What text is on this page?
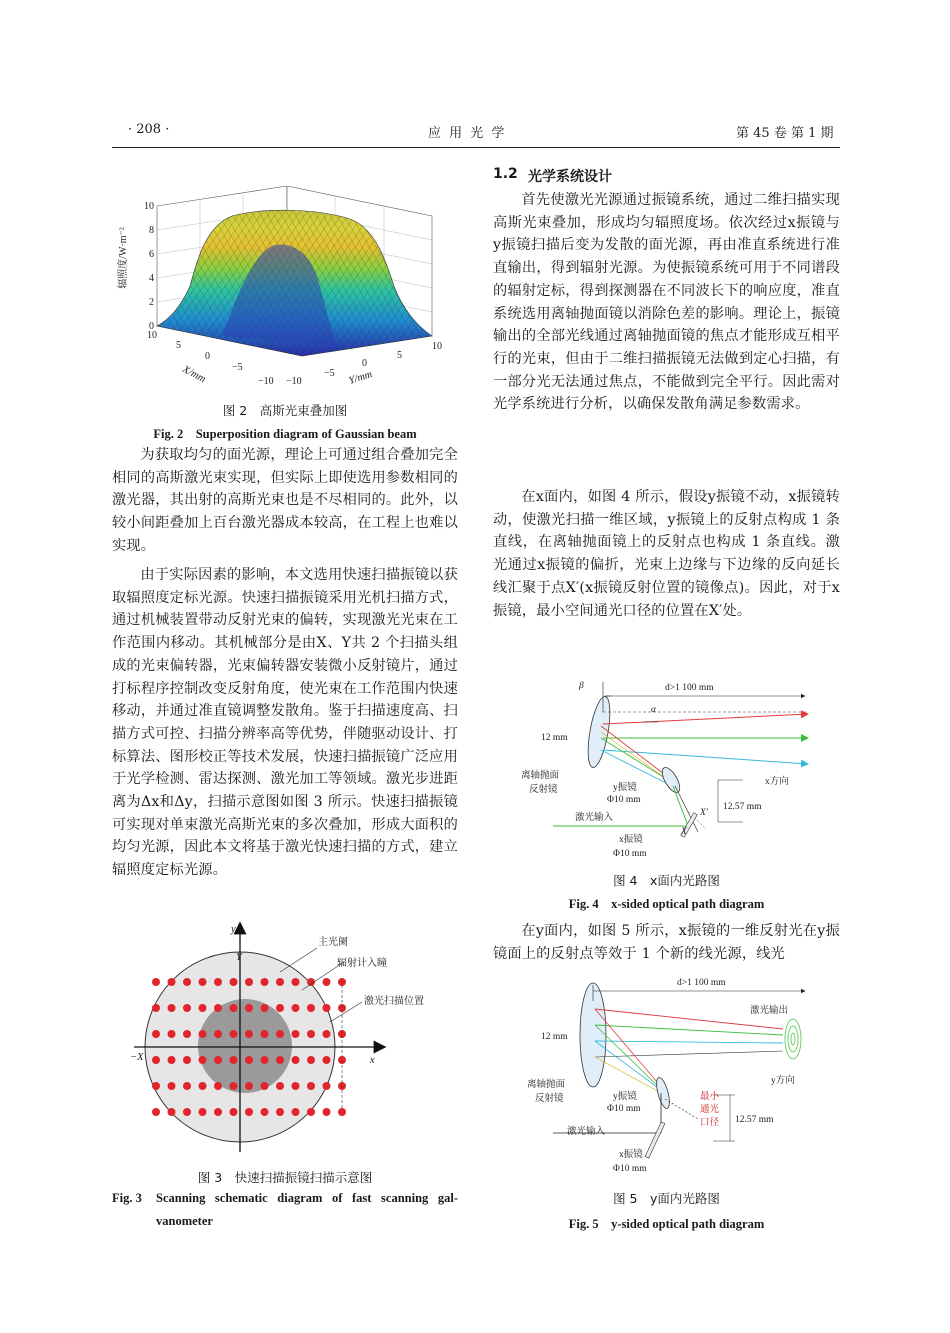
· 208 ·	应 用 光 学	第 45 卷 第 1 期
0
2
4
6
8
10
辐照度/W·m⁻²
10
5
0
−5
−10 −10
−5
0
5
10
X/mm	Y/mm
图 2　高斯光束叠加图
Fig. 2　Superposition diagram of Gaussian beam

为获取均匀的面光源，理论上可通过组合叠加完全相同的高斯激光束实现，但实际上即使选用参数相同的激光器，其出射的高斯光束也是不尽相同的。此外，以较小间距叠加上百台激光器成本较高，在工程上也难以实现。

由于实际因素的影响，本文选用快速扫描振镜以获取辐照度定标光源。快速扫描振镜采用光机扫描方式，通过机械装置带动反射光束的偏转，实现激光光束在工作范围内移动。其机械部分是由X、Y共 2 个扫描头组成的光束偏转器，光束偏转器安装微小反射镜片，通过打标程序控制改变反射角度，使光束在工作范围内快速移动，并通过准直镜调整发散角。鉴于扫描速度高、扫描方式可控、扫描分辨率高等优势，伴随驱动设计、打标算法、图形校正等技术发展，快速扫描振镜广泛应用于光学检测、雷达探测、激光加工等领域。激光步进距离为Δx和Δy，扫描示意图如图 3 所示。快速扫描振镜可实现对单束激光高斯光束的多次叠加，形成大面积的均匀光源，因此本文将基于激光快速扫描的方式，建立辐照度定标光源。

主光阑
辐射计入瞳
激光扫描位置
y
Y
x
−X
图 3　快速扫描振镜扫描示意图
Fig. 3 Scanning schematic diagram of fast scanning gal-
vanometer
1.2 光学系统设计

首先使激光光源通过振镜系统，通过二维扫描实现高斯光束叠加，形成均匀辐照度场。依次经过x振镜与y振镜扫描后变为发散的面光源，再由准直系统进行准直输出，得到辐射光源。为使振镜系统可用于不同谱段的辐射定标，得到探测器在不同波长下的响应度，准直系统选用离轴抛面镜以消除色差的影响。理论上，振镜输出的全部光线通过离轴抛面镜的焦点才能形成互相平行的光束，但由于二维扫描振镜无法做到定心扫描，有一部分光无法通过焦点，不能做到完全平行。因此需对光学系统进行分析，以确保发散角满足参数需求。

在x面内，如图 4 所示，假设y振镜不动，x振镜转动，使激光扫描一维区域，y振镜上的反射点构成 1 条直线，在离轴抛面镜上的反射点也构成 1 条直线。激光通过x振镜的偏折，光束上边缘与下边缘的反向延长线汇聚于点X′(x振镜反射位置的镜像点)。因此，对于x振镜，最小空间通光口径的位置在X′处。

β
α
d>1 100 mm
12 mm
离轴抛面
反射镜	y振镜
Φ10 mm
x方向
激光输入
x振镜
Φ10 mm
X′
12.57 mm
X
图 4　x面内光路图
Fig. 4　x-sided optical path diagram

在y面内，如图 5 所示，x振镜的一维反射光在y振镜面上的反射点等效于 1 个新的线光源，线光

d>1 100 mm
12 mm
12.57 mm
激光输出
y方向
离轴抛面
反射镜	y振镜
Φ10 mm
激光输入
x振镜
Φ10 mm
最小
通光
口径
图 5　y面内光路图
Fig. 5　y-sided optical path diagram
